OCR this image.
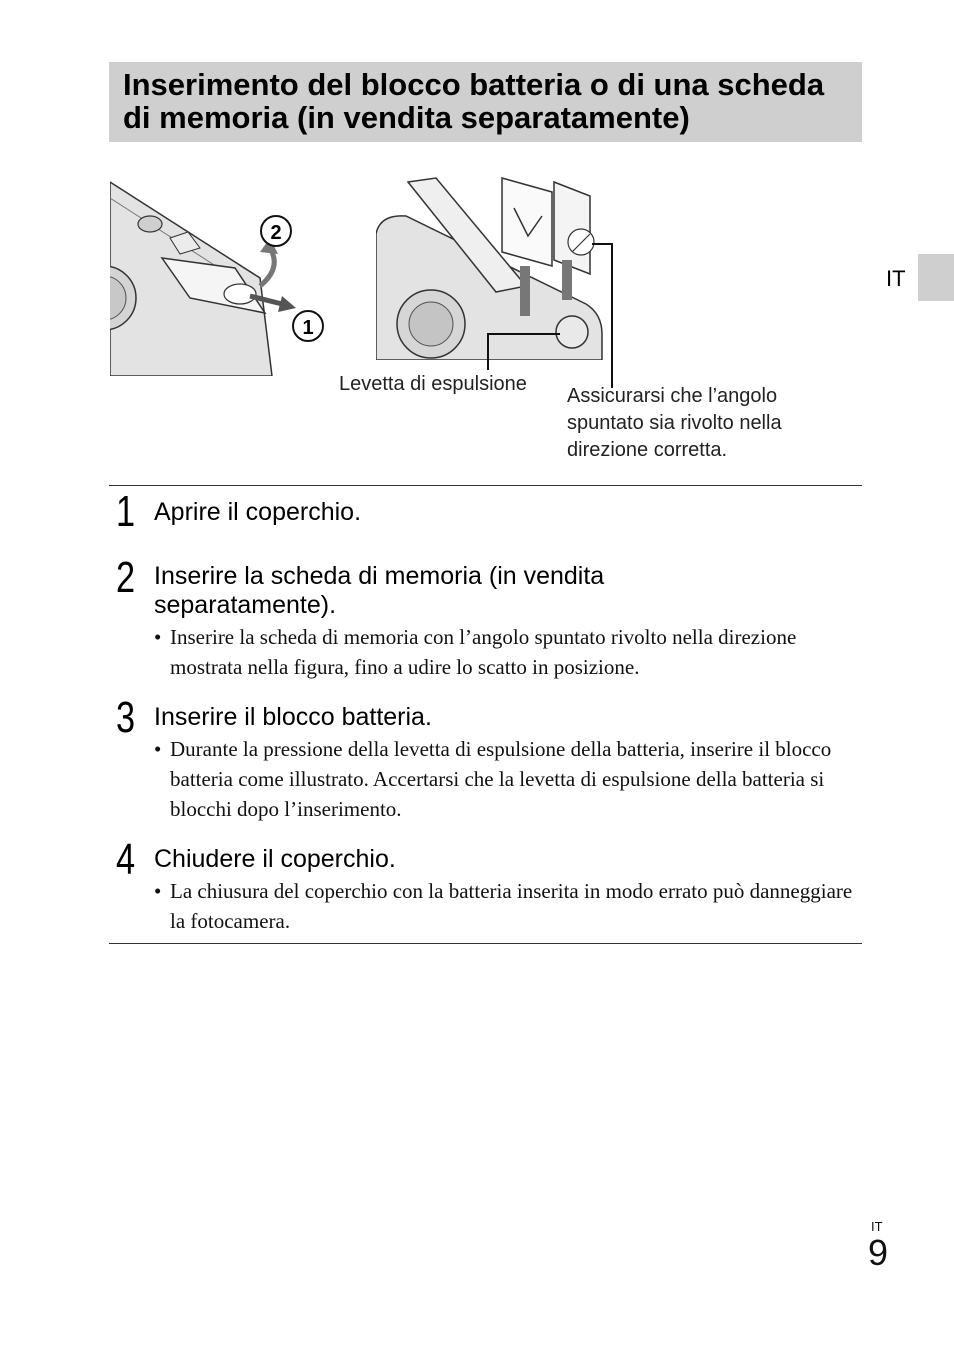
Inserimento del blocco batteria o di una scheda di memoria (in vendita separatamente)
IT
2
1
Levetta di espulsione
Assicurarsi che l’angolo spuntato sia rivolto nella direzione corretta.
1 Aprire il coperchio.
2 Inserire la scheda di memoria (in vendita separatamente).
• Inserire la scheda di memoria con l’angolo spuntato rivolto nella direzione mostrata nella figura, fino a udire lo scatto in posizione.
3 Inserire il blocco batteria.
• Durante la pressione della levetta di espulsione della batteria, inserire il blocco batteria come illustrato. Accertarsi che la levetta di espulsione della batteria si blocchi dopo l’inserimento.
4 Chiudere il coperchio.
• La chiusura del coperchio con la batteria inserita in modo errato può danneggiare la fotocamera.
IT
9
